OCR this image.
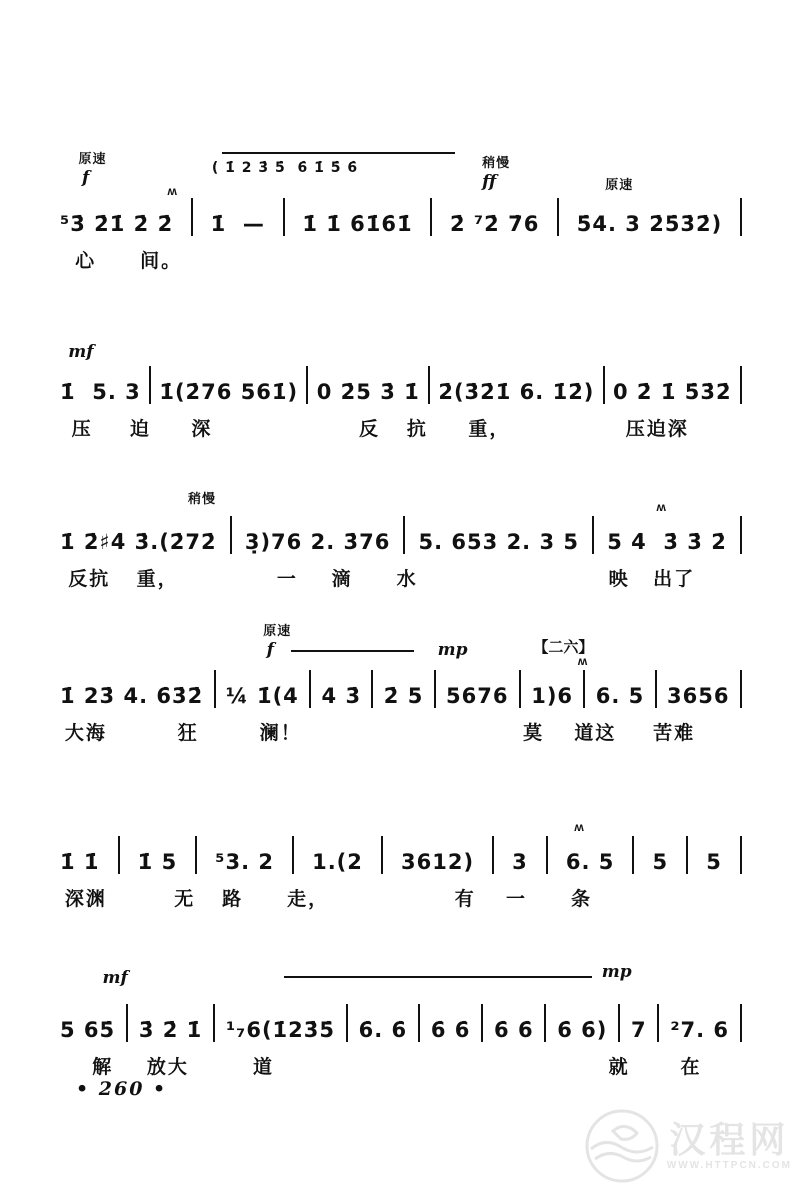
原速
f	( 1̇ 2 3̇ 5̇  6̇ 1̇ 5̇ 6̇	稍慢
ff	原速
ʍ
⁵3̇ 2̇1̇ 2̇ 2̇ 1̇  — 1̇ 1̇ 6̇1̇6̇1̇ 2̇ ⁷2̇ 7̇6 5̇4. 3 2̇5̇3̇2̇)
心 间。
mf
1̇  5. 3 1̇(2̇76 561̇) 0 2̇5 3̇ 1̇ 2̇(3̇2̇1̇ 6. 1̇2̇) 0 2̇ 1̇ 5̇3̇2̇
压 迫 深	反 抗 重，	压迫深
稍慢
ʍ
1̇ 2̇♯4̇ 3̇.(2̇72̇ 3̣)76 2. 3̇76 5. 653 2. 3 5 5 4̇  3̇ 3̇ 2̇
反抗 重，	一 滴 水	映 出了
原速
f	mp	【二六】
ʍ
1̇ 23̇ 4. 6̇3̇2̇ ¼ 1̇(4 4 3̇ 2̇ 5 5676 1)6 6. 5 3656
大海	狂	澜！	莫 道这 苦难
ʍ
1̇ 1̇ 1̇ 5 ⁵3. 2 1.(2 3612) 3 6. 5 5 5
深渊	无 路 走，	有 一 条
mf	mp
5 65̇ 3̇ 2̇ 1̇ ¹₇6(1̇23̇5̇ 6̇. 6̇ 6̇ 6̇ 6̇ 6̇ 6̇ 6̇) 7 ²7. 6
解 放大	道	就	在
• 260 •
汉程网
WWW.HTTPCN.COM
